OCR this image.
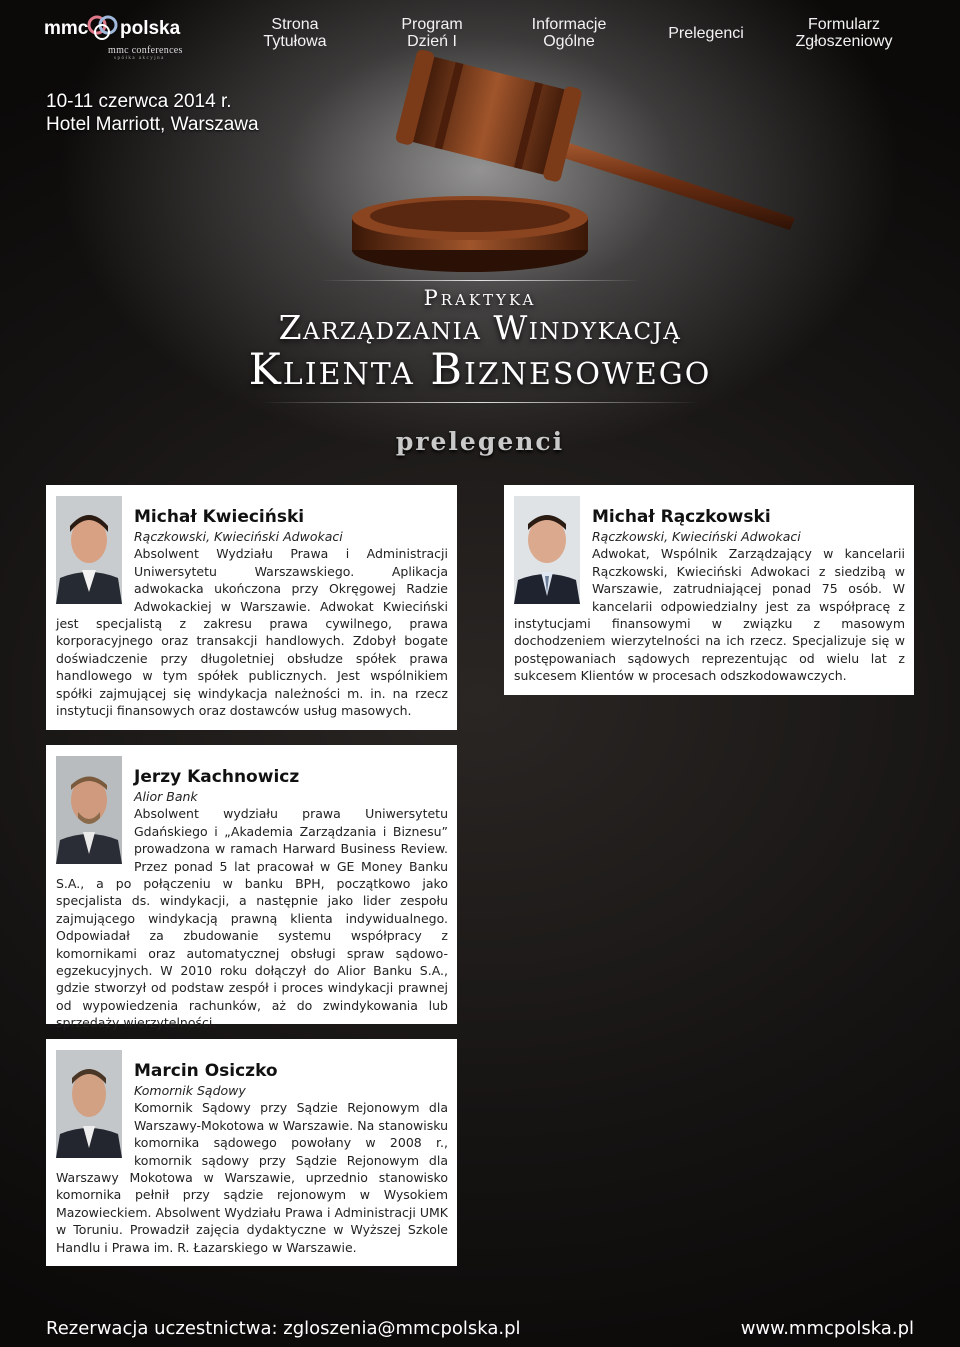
mmc polska
mmc conferences
spółka akcyjna
Strona
Tytułowa
Program
Dzień I
Informacje
Ogólne	Prelegenci
Formularz
Zgłoszeniowy
10-11 czerwca 2014 r.
Hotel Marriott, Warszawa
Praktyka
Zarządzania Windykacją
Klienta Biznesowego
prelegenci
Michał Kwieciński
Rączkowski, Kwieciński Adwokaci
Absolwent Wydziału Prawa i Administracji Uniwersytetu Warszawskiego. Aplikacja adwokacka ukończona przy Okręgowej Radzie Adwokackiej w Warszawie. Adwokat Kwieciński jest specjalistą z zakresu prawa cywilnego, prawa korporacyjnego oraz transakcji handlowych. Zdobył bogate doświadczenie przy długoletniej obsłudze spółek prawa handlowego w tym spółek publicznych. Jest wspólnikiem spółki zajmującej się windykacja należności m. in. na rzecz instytucji finansowych oraz dostawców usług masowych.
Michał Rączkowski
Rączkowski, Kwieciński Adwokaci
Adwokat, Wspólnik Zarządzający w kancelarii Rączkowski, Kwieciński Adwokaci z siedzibą w Warszawie, zatrudniającej ponad 75 osób. W kancelarii odpowiedzialny jest za współpracę z instytucjami finansowymi w związku z masowym dochodzeniem wierzytelności na ich rzecz. Specjalizuje się w postępowaniach sądowych reprezentując od wielu lat z sukcesem Klientów w procesach odszkodowawczych.
Jerzy Kachnowicz
Alior Bank
Absolwent wydziału prawa Uniwersytetu Gdańskiego i „Akademia Zarządzania i Biznesu” prowadzona w ramach Harward Business Review. Przez ponad 5 lat pracował w GE Money Banku S.A., a po połączeniu w banku BPH, początkowo jako specjalista ds. windykacji, a następnie jako lider zespołu zajmującego windykacją prawną klienta indywidualnego. Odpowiadał za zbudowanie systemu współpracy z komornikami oraz automatycznej obsługi spraw sądowo-egzekucyjnych. W 2010 roku dołączył do Alior Banku S.A., gdzie stworzył od podstaw zespół i proces windykacji prawnej od wypowiedzenia rachunków, aż do zwindykowania lub sprzedaży wierzytelności.
Marcin Osiczko
Komornik Sądowy
Komornik Sądowy przy Sądzie Rejonowym dla Warszawy-Mokotowa w Warszawie. Na stanowisku komornika sądowego powołany w 2008 r., komornik sądowy przy Sądzie Rejonowym dla Warszawy Mokotowa w Warszawie, uprzednio stanowisko komornika pełnił przy sądzie rejonowym w Wysokiem Mazowieckiem. Absolwent Wydziału Prawa i Administracji UMK w Toruniu. Prowadził zajęcia dydaktyczne w Wyższej Szkole Handlu i Prawa im. R. Łazarskiego w Warszawie.
Rezerwacja uczestnictwa: zgloszenia@mmcpolska.pl	www.mmcpolska.pl
